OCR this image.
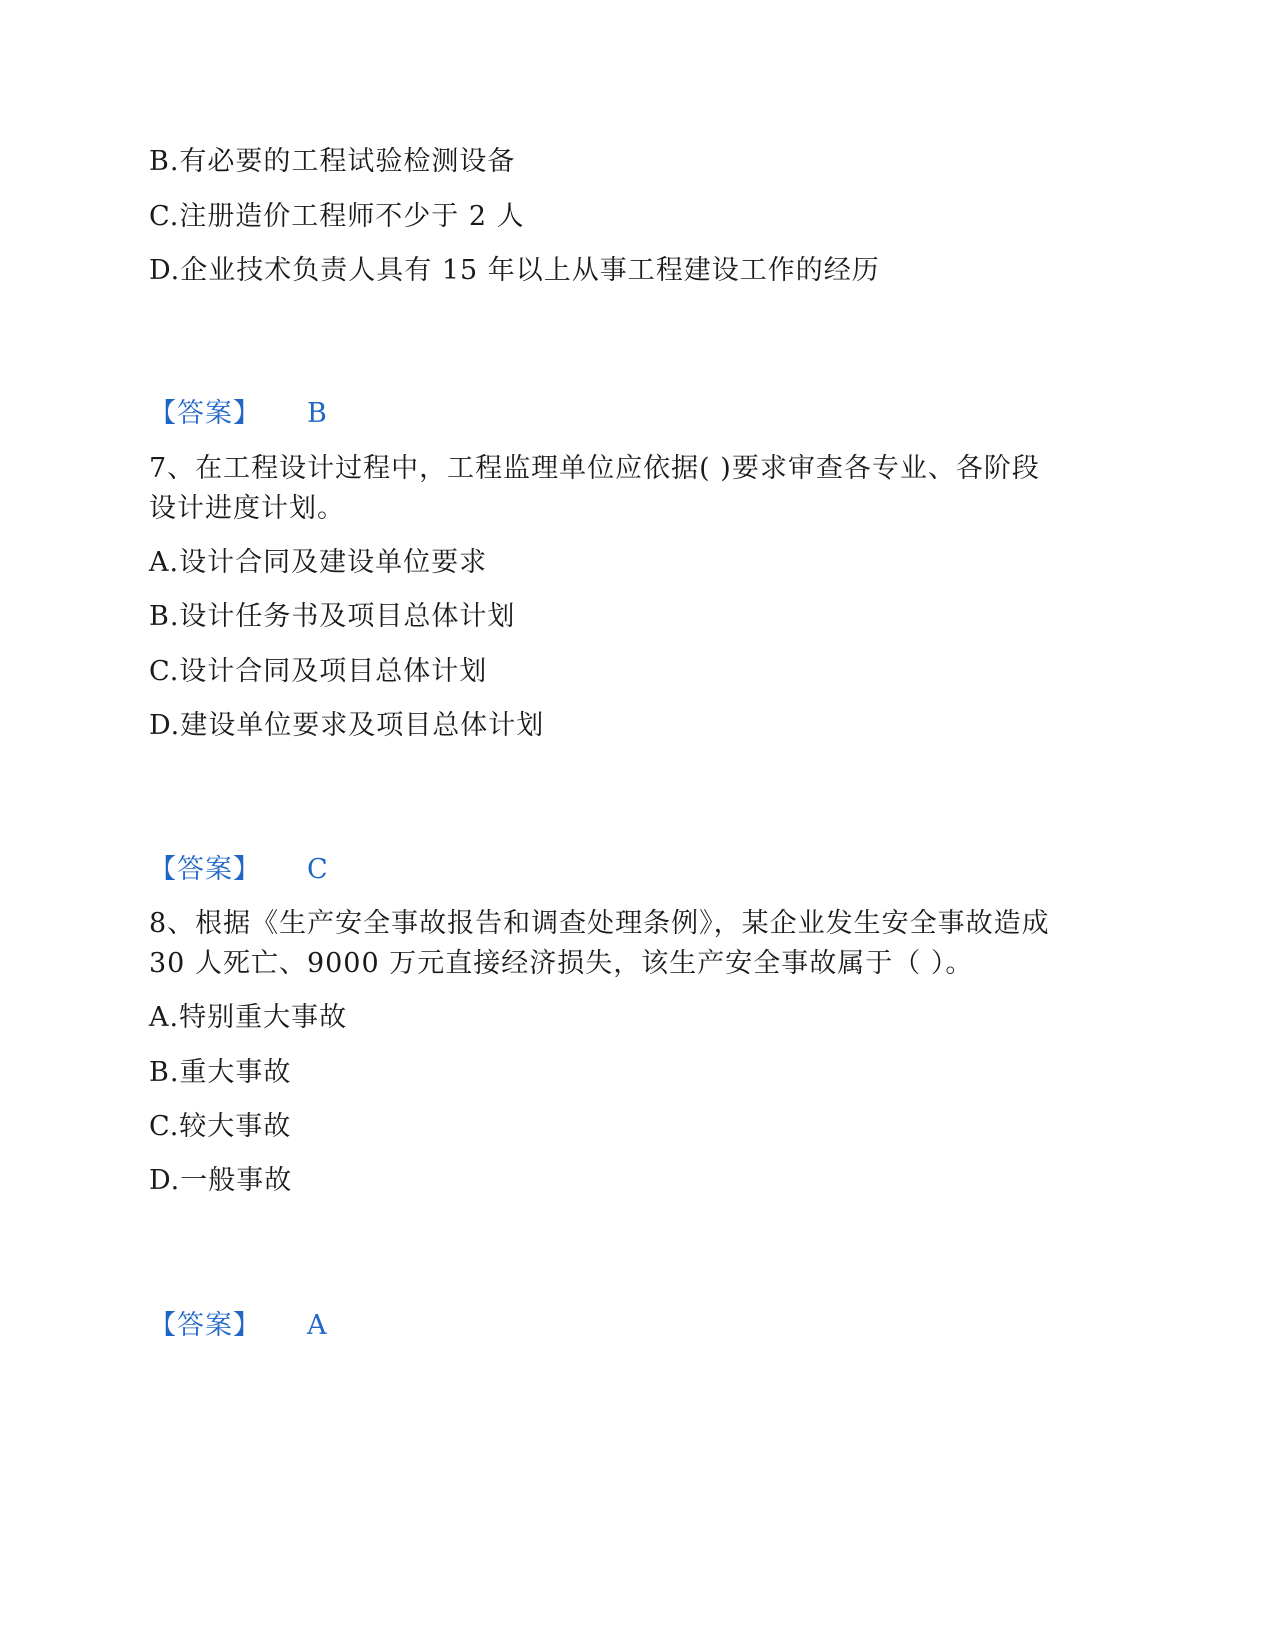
B.有必要的工程试验检测设备
C.注册造价工程师不少于 2 人
D.企业技术负责人具有 15 年以上从事工程建设工作的经历
【答案】 B
7、在工程设计过程中，工程监理单位应依据( )要求审查各专业、各阶段
设计进度计划。
A.设计合同及建设单位要求
B.设计任务书及项目总体计划
C.设计合同及项目总体计划
D.建设单位要求及项目总体计划
【答案】 C
8、根据《生产安全事故报告和调查处理条例》，某企业发生安全事故造成
30 人死亡、9000 万元直接经济损失，该生产安全事故属于（ ）。
A.特别重大事故
B.重大事故
C.较大事故
D.一般事故
【答案】 A
